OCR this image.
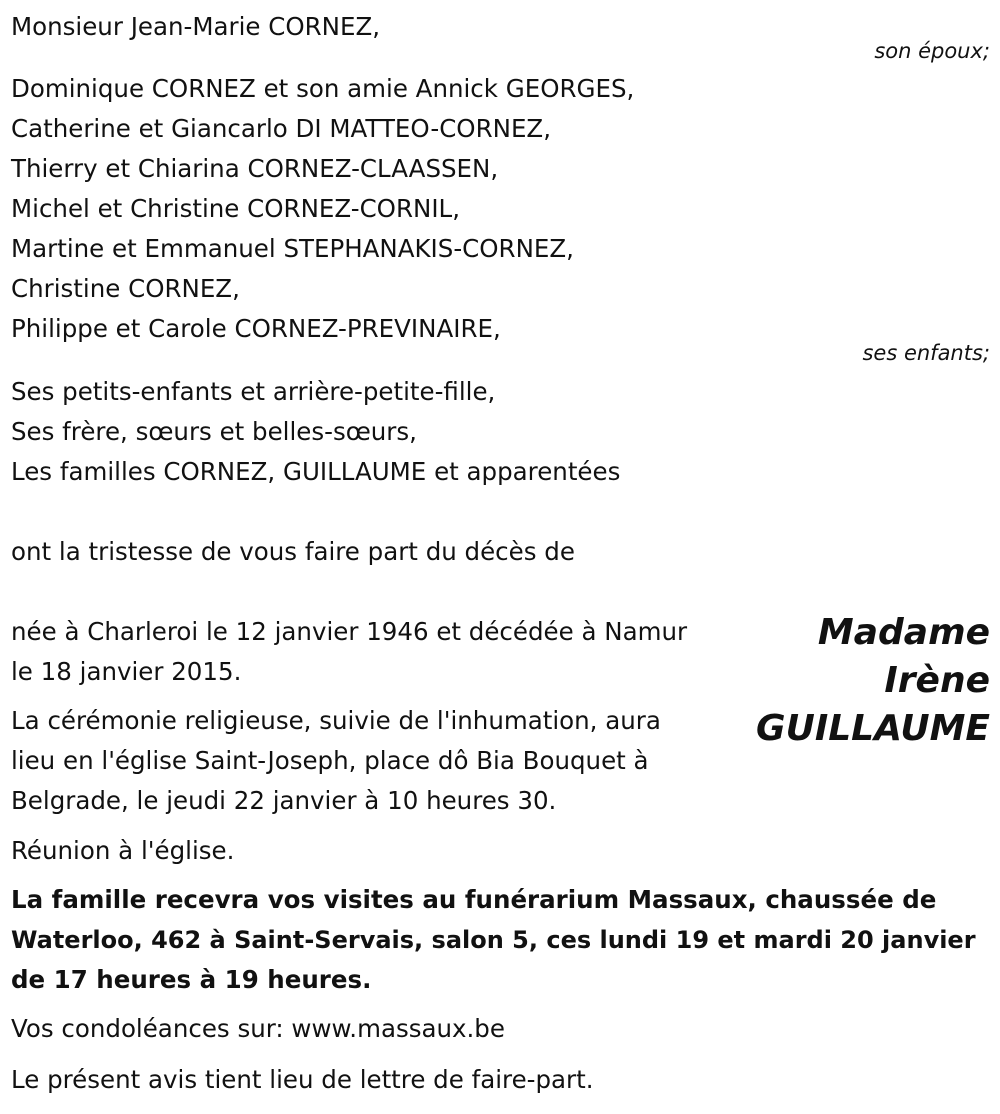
Monsieur Jean-Marie CORNEZ,
son époux;
Dominique CORNEZ et son amie Annick GEORGES,
Catherine et Giancarlo DI MATTEO-CORNEZ,
Thierry et Chiarina CORNEZ-CLAASSEN,
Michel et Christine CORNEZ-CORNIL,
Martine et Emmanuel STEPHANAKIS-CORNEZ,
Christine CORNEZ,
Philippe et Carole CORNEZ-PREVINAIRE,
ses enfants;
Ses petits-enfants et arrière-petite-fille,
Ses frère, sœurs et belles-sœurs,
Les familles CORNEZ, GUILLAUME et apparentées
ont la tristesse de vous faire part du décès de
Madame
Irène
GUILLAUME
née à Charleroi le 12 janvier 1946 et décédée à Namur
le 18 janvier 2015.
La cérémonie religieuse, suivie de l'inhumation, aura
lieu en l'église Saint-Joseph, place dô Bia Bouquet à
Belgrade, le jeudi 22 janvier à 10 heures 30.
Réunion à l'église.
La famille recevra vos visites au funérarium Massaux, chaussée de
Waterloo, 462 à Saint-Servais, salon 5, ces lundi 19 et mardi 20 janvier
de 17 heures à 19 heures.
Vos condoléances sur: www.massaux.be
Le présent avis tient lieu de lettre de faire-part.
